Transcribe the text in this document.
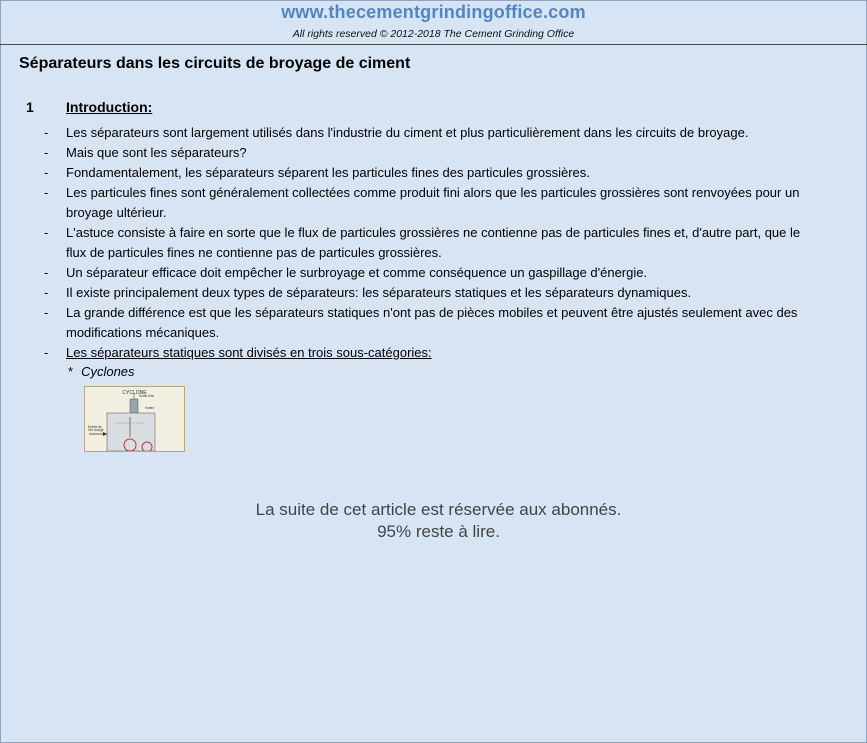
www.thecementgrindingoffice.com
All rights reserved © 2012-2018 The Cement Grinding Office
Séparateurs dans les circuits de broyage de ciment
1 Introduction:
- Les séparateurs sont largement utilisés dans l'industrie du ciment et plus particulièrement dans les circuits de broyage.
- Mais que sont les séparateurs?
- Fondamentalement, les séparateurs séparent les particules fines des particules grossières.
- Les particules fines sont généralement collectées comme produit fini alors que les particules grossières sont renvoyées pour un broyage ultérieur.
- L'astuce consiste à faire en sorte que le flux de particules grossières ne contienne pas de particules fines et, d'autre part, que le flux de particules fines ne contienne pas de particules grossières.
- Un séparateur efficace doit empêcher le surbroyage et comme conséquence un gaspillage d'énergie.
- Il existe principalement deux types de séparateurs: les séparateurs statiques et les séparateurs dynamiques.
- La grande différence est que les séparateurs statiques n'ont pas de pièces mobiles et peuvent être ajustés seulement avec des modifications mécaniques.
- Les séparateurs statiques sont divisés en trois sous-catégories:
* Cyclones
CYCLONE
Entrée de
l'air chargé
Sortie d'air
Vortex
La suite de cet article est réservée aux abonnés.
95% reste à lire.
